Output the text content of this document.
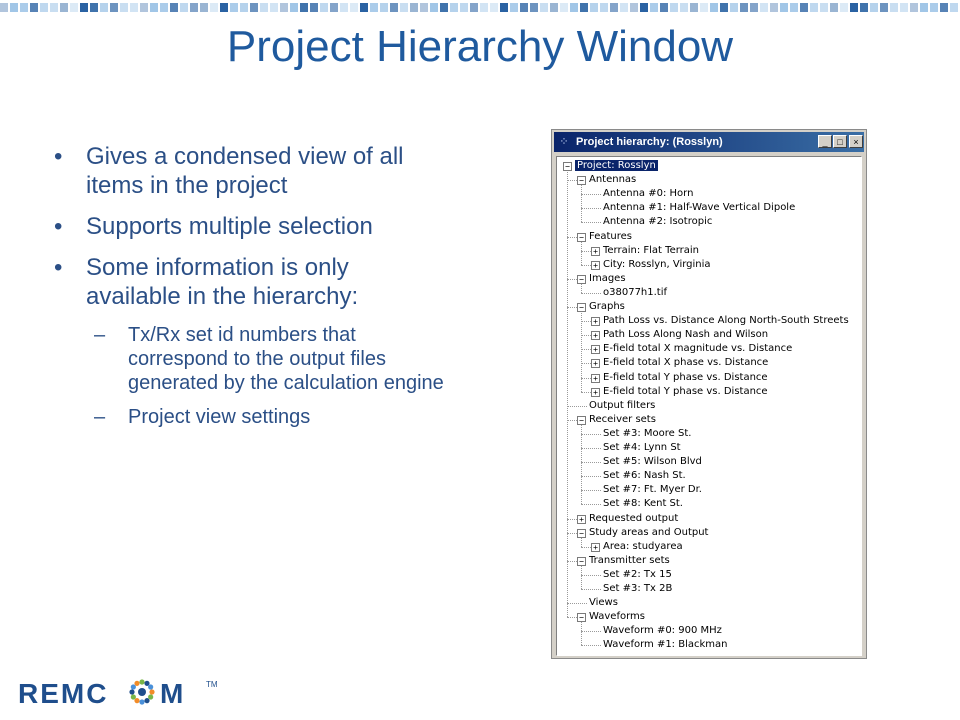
Project Hierarchy Window
• Gives a condensed view of all items in the project
• Supports multiple selection
• Some information is only available in the hierarchy:
– Tx/Rx set id numbers that correspond to the output files generated by the calculation engine
– Project view settings
⁘ Project hierarchy: (Rosslyn)	_	□	×
− Project: Rosslyn
− Antennas
Antenna #0: Horn
Antenna #1: Half-Wave Vertical Dipole
Antenna #2: Isotropic
− Features
+ Terrain: Flat Terrain
+ City: Rosslyn, Virginia
− Images
o38077h1.tif
− Graphs
+ Path Loss vs. Distance Along North-South Streets
+ Path Loss Along Nash and Wilson
+ E-field total X magnitude vs. Distance
+ E-field total X phase vs. Distance
+ E-field total Y phase vs. Distance
+ E-field total Y phase vs. Distance
Output filters
− Receiver sets
Set #3: Moore St.
Set #4: Lynn St
Set #5: Wilson Blvd
Set #6: Nash St.
Set #7: Ft. Myer Dr.
Set #8: Kent St.
+ Requested output
− Study areas and Output
+ Area: studyarea
− Transmitter sets
Set #2: Tx 15
Set #3: Tx 2B
Views
− Waveforms
Waveform #0: 900 MHz
Waveform #1: Blackman
REMC M	TM
